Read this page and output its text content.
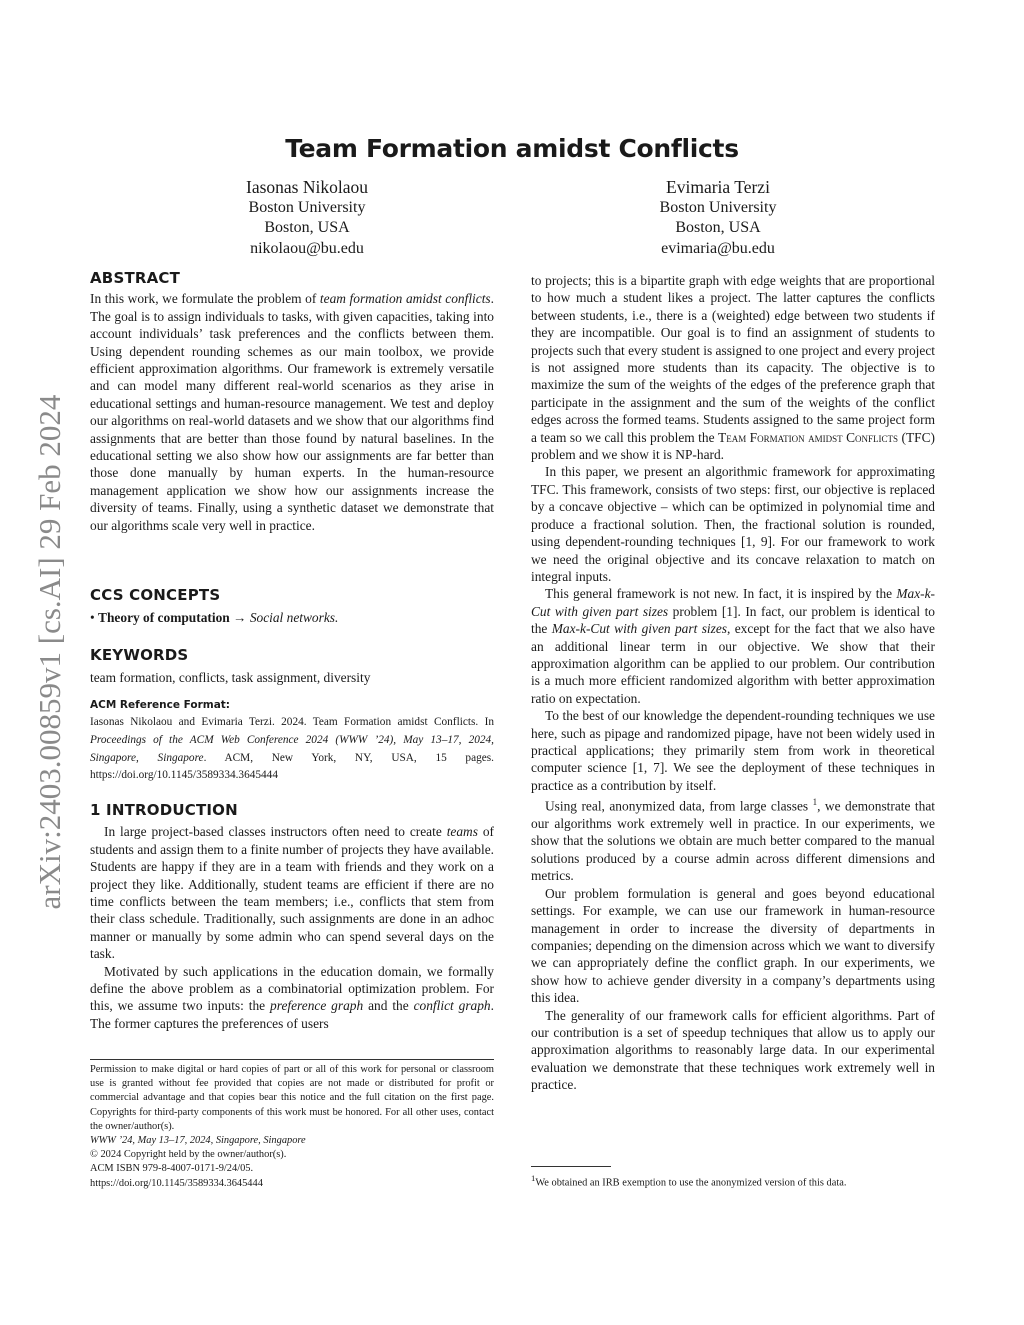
arXiv:2403.00859v1 [cs.AI] 29 Feb 2024
Team Formation amidst Conflicts
Iasonas Nikolaou
Boston University
Boston, USA
nikolaou@bu.edu
Evimaria Terzi
Boston University
Boston, USA
evimaria@bu.edu
ABSTRACT

In this work, we formulate the problem of team formation amidst conflicts. The goal is to assign individuals to tasks, with given capacities, taking into account individuals’ task preferences and the conflicts between them. Using dependent rounding schemes as our main toolbox, we provide efficient approximation algorithms. Our framework is extremely versatile and can model many different real-world scenarios as they arise in educational settings and human-resource management. We test and deploy our algorithms on real-world datasets and we show that our algorithms find assignments that are better than those found by natural baselines. In the educational setting we also show how our assignments are far better than those done manually by human experts. In the human-resource management application we show how our assignments increase the diversity of teams. Finally, using a synthetic dataset we demonstrate that our algorithms scale very well in practice.

CCS CONCEPTS

• Theory of computation → Social networks.

KEYWORDS

team formation, conflicts, task assignment, diversity

ACM Reference Format:

Iasonas Nikolaou and Evimaria Terzi. 2024. Team Formation amidst Conflicts. In Proceedings of the ACM Web Conference 2024 (WWW ’24), May 13–17, 2024, Singapore, Singapore. ACM, New York, NY, USA, 15 pages. https://doi.org/10.1145/3589334.3645444

1 INTRODUCTION

In large project-based classes instructors often need to create teams of students and assign them to a finite number of projects they have available. Students are happy if they are in a team with friends and they work on a project they like. Additionally, student teams are efficient if there are no time conflicts between the team members; i.e., conflicts that stem from their class schedule. Traditionally, such assignments are done in an adhoc manner or manually by some admin who can spend several days on the task.

Motivated by such applications in the education domain, we formally define the above problem as a combinatorial optimization problem. For this, we assume two inputs: the preference graph and the conflict graph. The former captures the preferences of users

Permission to make digital or hard copies of part or all of this work for personal or classroom use is granted without fee provided that copies are not made or distributed for profit or commercial advantage and that copies bear this notice and the full citation on the first page. Copyrights for third-party components of this work must be honored. For all other uses, contact the owner/author(s).
WWW ’24, May 13–17, 2024, Singapore, Singapore
© 2024 Copyright held by the owner/author(s).
ACM ISBN 979-8-4007-0171-9/24/05.
https://doi.org/10.1145/3589334.3645444

to projects; this is a bipartite graph with edge weights that are proportional to how much a student likes a project. The latter captures the conflicts between students, i.e., there is a (weighted) edge between two students if they are incompatible. Our goal is to find an assignment of students to projects such that every student is assigned to one project and every project is not assigned more students than its capacity. The objective is to maximize the sum of the weights of the edges of the preference graph that participate in the assignment and the sum of the weights of the conflict edges across the formed teams. Students assigned to the same project form a team so we call this problem the Team Formation amidst Conflicts (TFC) problem and we show it is NP-hard.

In this paper, we present an algorithmic framework for approximating TFC. This framework, consists of two steps: first, our objective is replaced by a concave objective – which can be optimized in polynomial time and produce a fractional solution. Then, the fractional solution is rounded, using dependent-rounding techniques [1, 9]. For our framework to work we need the original objective and its concave relaxation to match on integral inputs.

This general framework is not new. In fact, it is inspired by the Max-k-Cut with given part sizes problem [1]. In fact, our problem is identical to the Max-k-Cut with given part sizes, except for the fact that we also have an additional linear term in our objective. We show that their approximation algorithm can be applied to our problem. Our contribution is a much more efficient randomized algorithm with better approximation ratio on expectation.

To the best of our knowledge the dependent-rounding techniques we use here, such as pipage and randomized pipage, have not been widely used in practical applications; they primarily stem from work in theoretical computer science [1, 7]. We see the deployment of these techniques in practice as a contribution by itself.

Using real, anonymized data, from large classes $^1$, we demonstrate that our algorithms work extremely well in practice. In our experiments, we show that the solutions we obtain are much better compared to the manual solutions produced by a course admin across different dimensions and metrics.

Our problem formulation is general and goes beyond educational settings. For example, we can use our framework in human-resource management in order to increase the diversity of departments in companies; depending on the dimension across which we want to diversify we can appropriately define the conflict graph. In our experiments, we show how to achieve gender diversity in a company’s departments using this idea.

The generality of our framework calls for efficient algorithms. Part of our contribution is a set of speedup techniques that allow us to apply our approximation algorithms to reasonably large data. In our experimental evaluation we demonstrate that these techniques work extremely well in practice.

$^1$We obtained an IRB exemption to use the anonymized version of this data.
